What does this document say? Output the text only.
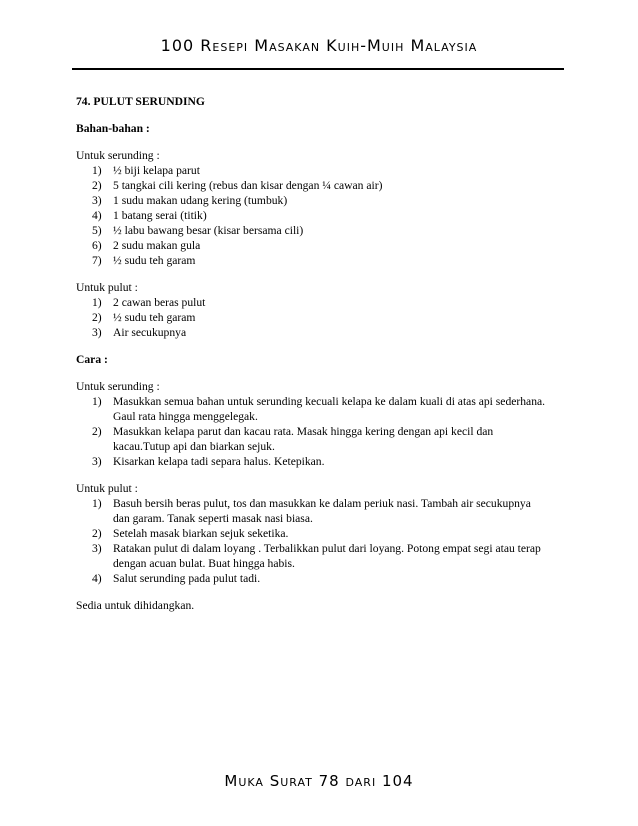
100 Resepi Masakan Kuih-Muih Malaysia

74. PULUT SERUNDING

Bahan-bahan :

Untuk serunding :

1) ½ biji kelapa parut
2) 5 tangkai cili kering (rebus dan kisar dengan ¼ cawan air)
3) 1 sudu makan udang kering (tumbuk)
4) 1 batang serai (titik)
5) ½ labu bawang besar (kisar bersama cili)
6) 2 sudu makan gula
7) ½ sudu teh garam

Untuk pulut :

1) 2 cawan beras pulut
2) ½ sudu teh garam
3) Air secukupnya

Cara :

Untuk serunding :

1) Masukkan semua bahan untuk serunding kecuali kelapa ke dalam kuali di atas api sederhana. Gaul rata hingga menggelegak.
2) Masukkan kelapa parut dan kacau rata. Masak hingga kering dengan api kecil dan kacau.Tutup api dan biarkan sejuk.
3) Kisarkan kelapa tadi separa halus. Ketepikan.

Untuk pulut :

1) Basuh bersih beras pulut, tos dan masukkan ke dalam periuk nasi. Tambah air secukupnya dan garam. Tanak seperti masak nasi biasa.
2) Setelah masak biarkan sejuk seketika.
3) Ratakan pulut di dalam loyang . Terbalikkan pulut dari loyang. Potong empat segi atau terap dengan acuan bulat. Buat hingga habis.
4) Salut serunding pada pulut tadi.

Sedia untuk dihidangkan.

Muka Surat 78 dari 104
